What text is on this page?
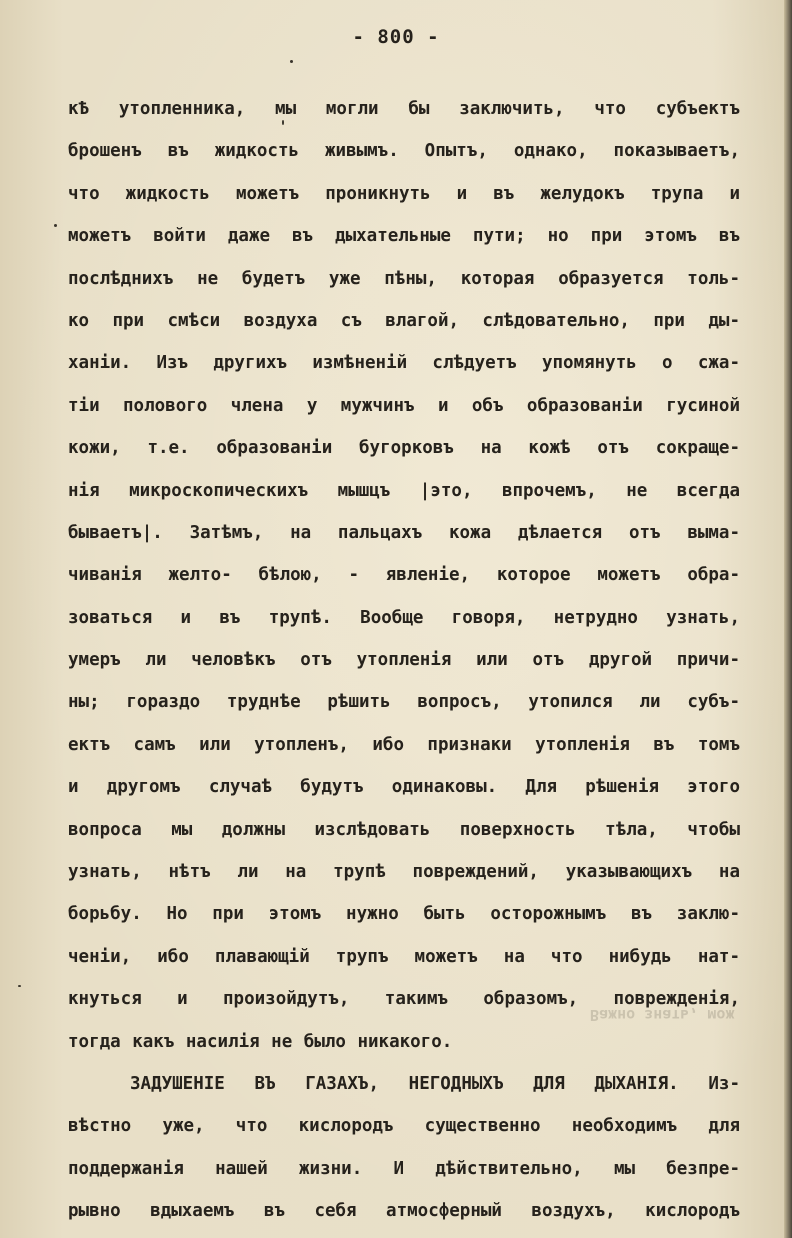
- 800 -
Важно знать, мож
кѢ утопленника, мы могли бы заключить, что субъектъ
брошенъ въ жидкость живымъ. Опытъ, однако, показываетъ,
что жидкость можетъ проникнуть и въ желудокъ трупа и
можетъ войти даже въ дыхательные пути; но при этомъ въ
послѣднихъ не будетъ уже пѣны, которая образуется толь-
ко при смѣси воздуха съ влагой, слѣдовательно, при ды-
ханіи. Изъ другихъ измѣненій слѣдуетъ упомянуть о сжа-
тіи полового члена у мужчинъ и объ образованіи гусиной
кожи, т.е. образованіи бугорковъ на кожѣ отъ сокраще-
нія микроскопическихъ мышцъ |это, впрочемъ, не всегда
бываетъ|. Затѣмъ, на пальцахъ кожа дѣлается отъ выма-
чиванія желто- бѣлою, - явленіе, которое можетъ обра-
зоваться и въ трупѣ. Вообще говоря, нетрудно узнать,
умеръ ли человѣкъ отъ утопленія или отъ другой причи-
ны; гораздо труднѣе рѣшить вопросъ, утопился ли субъ-
ектъ самъ или утопленъ, ибо признаки утопленія въ томъ
и другомъ случаѣ будутъ одинаковы. Для рѣшенія этого
вопроса мы должны изслѣдовать поверхность тѣла, чтобы
узнать, нѣтъ ли на трупѣ повреждений, указывающихъ на
борьбу. Но при этомъ нужно быть осторожнымъ въ заклю-
ченіи, ибо плавающій трупъ можетъ на что нибудь нат-
кнуться и произойдутъ, такимъ образомъ, поврежденія,
тогда какъ насилія не было никакого.
ЗАДУШЕНІЕ ВЪ ГАЗАХЪ, НЕГОДНЫХЪ ДЛЯ ДЫХАНІЯ. Из-
вѣстно уже, что кислородъ существенно необходимъ для
поддержанія нашей жизни. И дѣйствительно, мы безпре-
рывно вдыхаемъ въ себя атмосферный воздухъ, кислородъ
